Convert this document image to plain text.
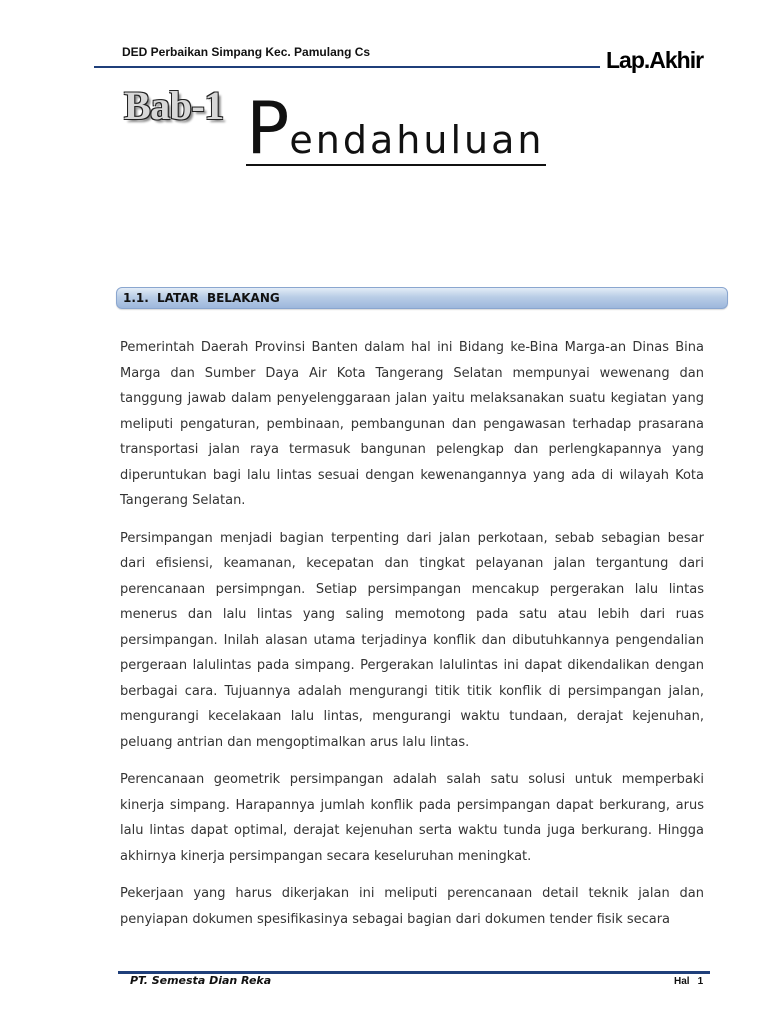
DED Perbaikan Simpang Kec. Pamulang Cs	Lap.Akhir
Bab-1 Pendahuluan
1.1. LATAR BELAKANG

Pemerintah Daerah Provinsi Banten dalam hal ini Bidang ke-Bina Marga-an Dinas Bina Marga dan Sumber Daya Air Kota Tangerang Selatan mempunyai wewenang dan tanggung jawab dalam penyelenggaraan jalan yaitu melaksanakan suatu kegiatan yang meliputi pengaturan, pembinaan, pembangunan dan pengawasan terhadap prasarana transportasi jalan raya termasuk bangunan pelengkap dan perlengkapannya yang diperuntukan bagi lalu lintas sesuai dengan kewenangannya yang ada di wilayah Kota Tangerang Selatan.

Persimpangan menjadi bagian terpenting dari jalan perkotaan, sebab sebagian besar dari efisiensi, keamanan, kecepatan dan tingkat pelayanan jalan tergantung dari perencanaan persimpngan. Setiap persimpangan mencakup pergerakan lalu lintas menerus dan lalu lintas yang saling memotong pada satu atau lebih dari ruas persimpangan. Inilah alasan utama terjadinya konflik dan dibutuhkannya pengendalian pergeraan lalulintas pada simpang. Pergerakan lalulintas ini dapat dikendalikan dengan berbagai cara. Tujuannya adalah mengurangi titik titik konflik di persimpangan jalan, mengurangi kecelakaan lalu lintas, mengurangi waktu tundaan, derajat kejenuhan, peluang antrian dan mengoptimalkan arus lalu lintas.

Perencanaan geometrik persimpangan adalah salah satu solusi untuk memperbaki kinerja simpang. Harapannya jumlah konflik pada persimpangan dapat berkurang, arus lalu lintas dapat optimal, derajat kejenuhan serta waktu tunda juga berkurang. Hingga akhirnya kinerja persimpangan secara keseluruhan meningkat.

Pekerjaan yang harus dikerjakan ini meliputi perencanaan detail teknik jalan dan penyiapan dokumen spesifikasinya sebagai bagian dari dokumen tender fisik secara

PT. Semesta Dian Reka	Hal 1
